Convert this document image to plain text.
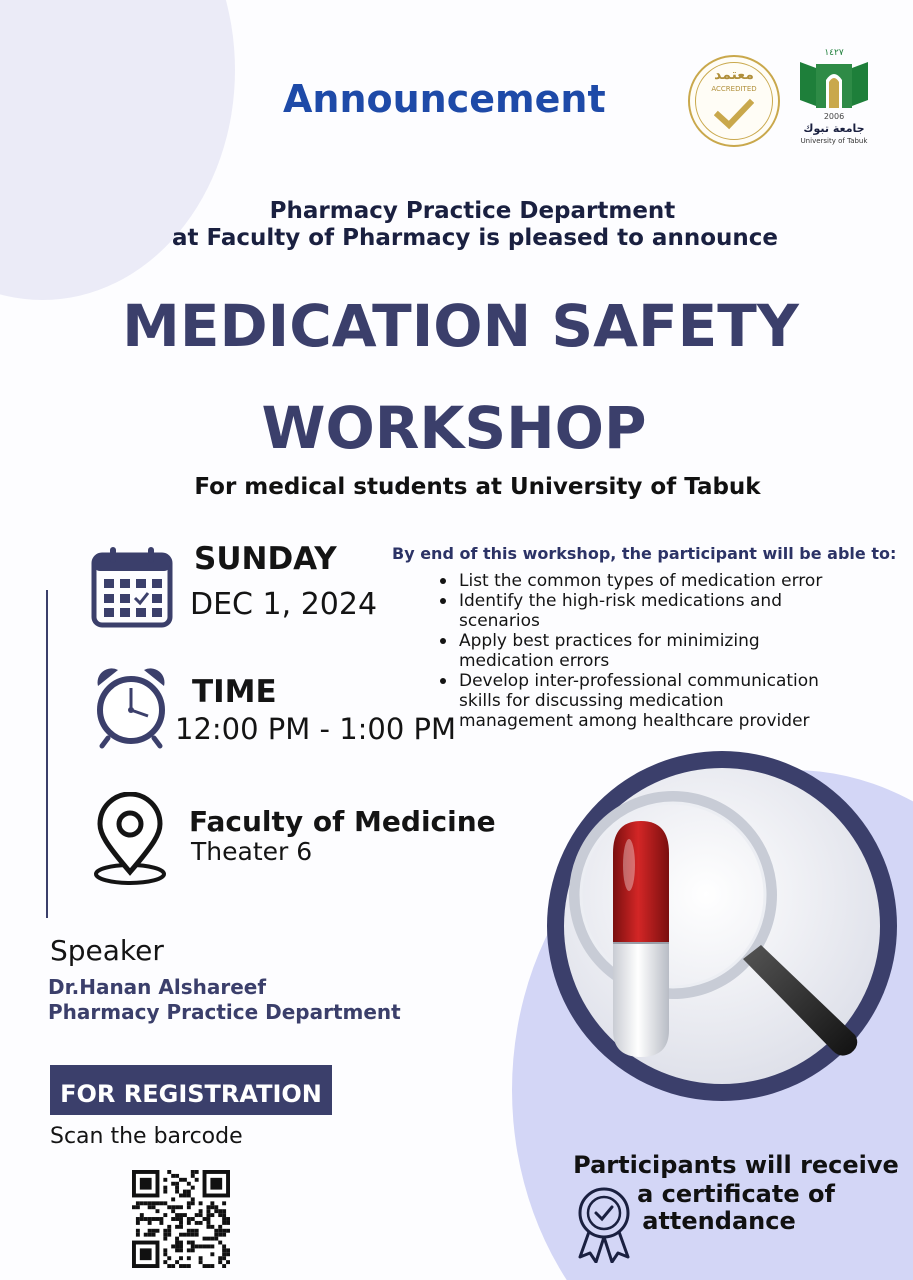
Announcement
معتمد
ACCREDITED
١٤٢٧
2006
جامعة تبوك
University of Tabuk
Pharmacy Practice Department
at Faculty of Pharmacy is pleased to announce
MEDICATION SAFETY
WORKSHOP
For medical students at University of Tabuk
SUNDAY
DEC 1, 2024
TIME
12:00 PM - 1:00 PM
Faculty of Medicine
Theater 6
By end of this workshop, the participant will be able to:
List the common types of medication error
Identify the high-risk medications and
scenarios
Apply best practices for minimizing
medication errors
Develop inter-professional communication
skills for discussing medication
management among healthcare provider
Speaker
Dr.Hanan Alshareef
Pharmacy Practice Department
FOR REGISTRATION
Scan the barcode
Participants will receive
a certificate of
attendance
